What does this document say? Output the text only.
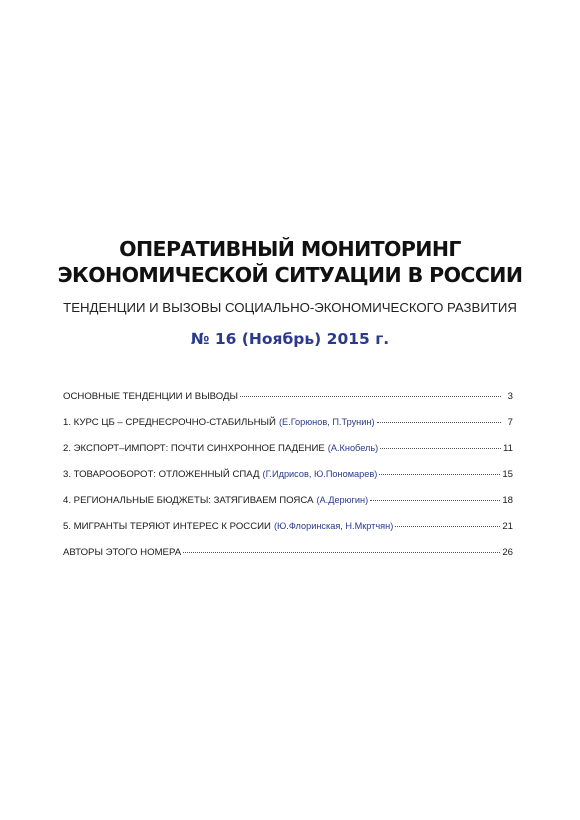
ОПЕРАТИВНЫЙ МОНИТОРИНГ
ЭКОНОМИЧЕСКОЙ СИТУАЦИИ В РОССИИ
ТЕНДЕНЦИИ И ВЫЗОВЫ СОЦИАЛЬНО-ЭКОНОМИЧЕСКОГО РАЗВИТИЯ
№ 16 (Ноябрь) 2015 г.
ОСНОВНЫЕ ТЕНДЕНЦИИ И ВЫВОДЫ	3
1. КУРС ЦБ – СРЕДНЕСРОЧНО-СТАБИЛЬНЫЙ (Е.Горюнов, П.Трунин)	7
2. ЭКСПОРТ–ИМПОРТ: ПОЧТИ СИНХРОННОЕ ПАДЕНИЕ (А.Кнобель)	11
3. ТОВАРООБОРОТ: ОТЛОЖЕННЫЙ СПАД (Г.Идрисов, Ю.Пономарев)	15
4. РЕГИОНАЛЬНЫЕ БЮДЖЕТЫ: ЗАТЯГИВАЕМ ПОЯСА (А.Дерюгин)	18
5. МИГРАНТЫ ТЕРЯЮТ ИНТЕРЕС К РОССИИ (Ю.Флоринская, Н.Мкртчян)	21
АВТОРЫ ЭТОГО НОМЕРА	26
